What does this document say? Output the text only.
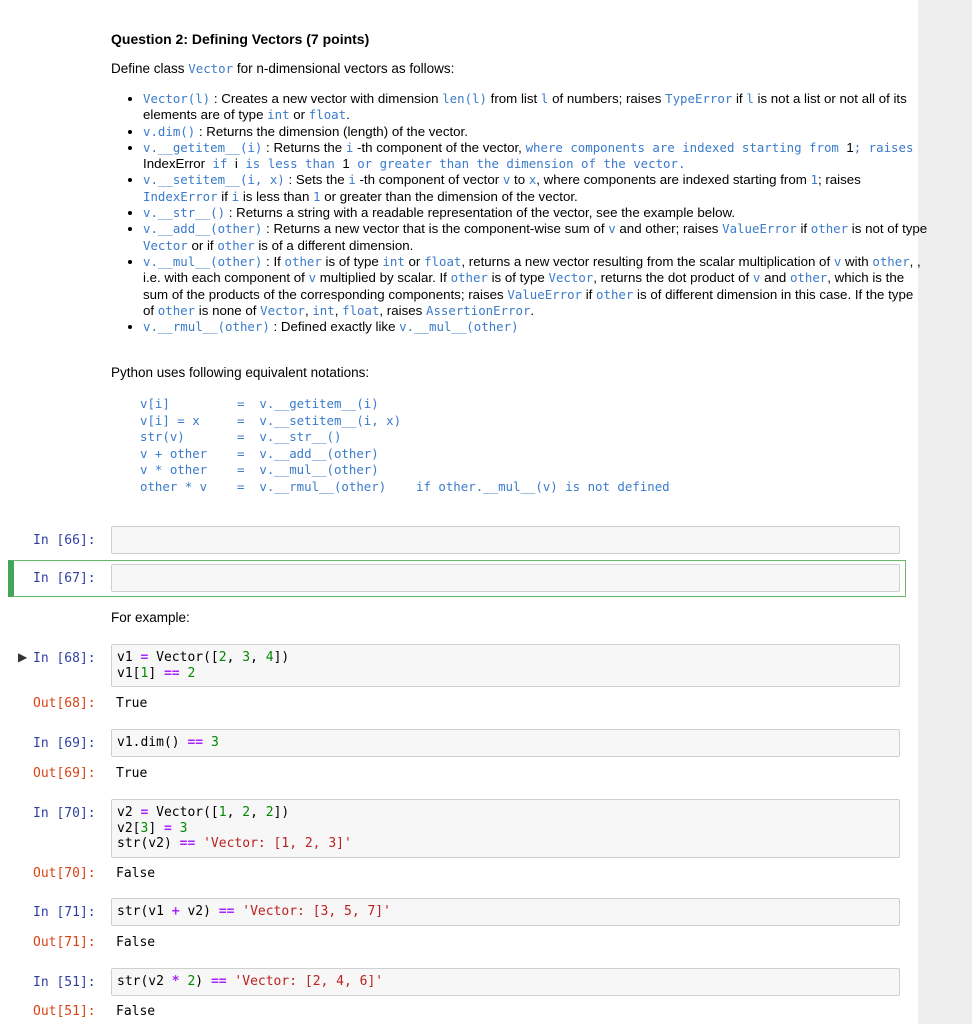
Question 2: Defining Vectors (7 points)
Define class Vector for n-dimensional vectors as follows:
• Vector(l) : Creates a new vector with dimension len(l) from list l of numbers; raises TypeError if l is not a list or not all of its elements are of type int or float.
• v.dim() : Returns the dimension (length) of the vector.
• v.__getitem__(i) : Returns the i -th component of the vector, where components are indexed starting from 1; raises IndexError if i is less than 1 or greater than the dimension of the vector.
• v.__setitem__(i, x) : Sets the i -th component of vector v to x, where components are indexed starting from 1; raises IndexError if i is less than 1 or greater than the dimension of the vector.
• v.__str__() : Returns a string with a readable representation of the vector, see the example below.
• v.__add__(other) : Returns a new vector that is the component-wise sum of v and other; raises ValueError if other is not of type Vector or if other is of a different dimension.
• v.__mul__(other) : If other is of type int or float, returns a new vector resulting from the scalar multiplication of v with other, , i.e. with each component of v multiplied by scalar. If other is of type Vector, returns the dot product of v and other, which is the sum of the products of the corresponding components; raises ValueError if other is of different dimension in this case. If the type of other is none of Vector, int, float, raises AssertionError.
• v.__rmul__(other) : Defined exactly like v.__mul__(other)
Python uses following equivalent notations:
v[i]         =  v.__getitem__(i)
v[i] = x     =  v.__setitem__(i, x)
str(v)       =  v.__str__()
v + other    =  v.__add__(other)
v * other    =  v.__mul__(other)
other * v    =  v.__rmul__(other)    if other.__mul__(v) is not defined
In [66]:
In [67]:
For example:
▶ In [68]:	v1 = Vector([2, 3, 4])
v1[1] == 2
Out[68]:	True
In [69]:	v1.dim() == 3
Out[69]:	True
In [70]:	v2 = Vector([1, 2, 2])
v2[3] = 3
str(v2) == 'Vector: [1, 2, 3]'
Out[70]:	False
In [71]:	str(v1 + v2) == 'Vector: [3, 5, 7]'
Out[71]:	False
In [51]:	str(v2 * 2) == 'Vector: [2, 4, 6]'
Out[51]:	False
